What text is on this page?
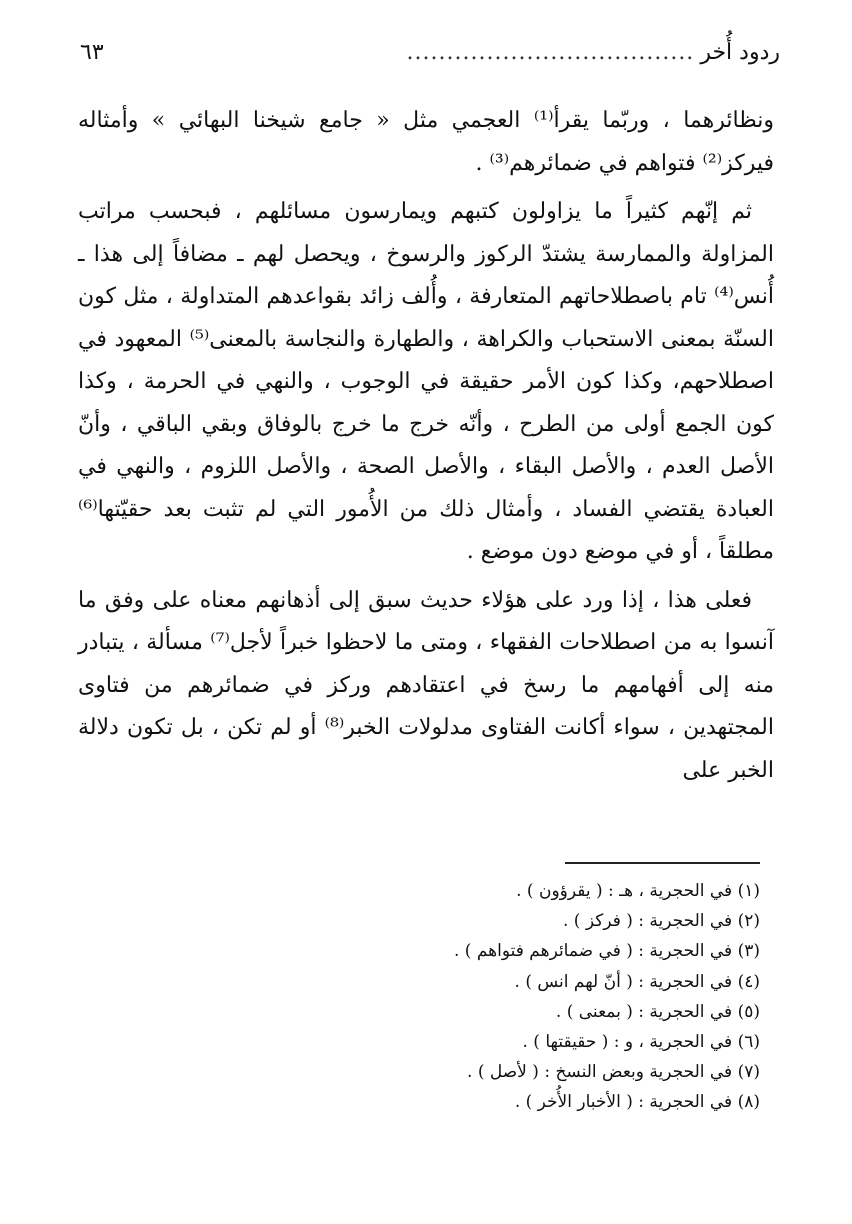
ردود أُخر
....................................
٦٣

ونظائرهما ، وربّما يقرأ⁽¹⁾ العجمي مثل « جامع شيخنا البهائي » وأمثاله فيركز⁽²⁾ فتواهم في ضمائرهم⁽³⁾ .

ثم إنّهم كثيراً ما يزاولون كتبهم ويمارسون مسائلهم ، فبحسب مراتب المزاولة والممارسة يشتدّ الركوز والرسوخ ، ويحصل لهم ـ مضافاً إلى هذا ـ أُنس⁽⁴⁾ تام باصطلاحاتهم المتعارفة ، وأُلف زائد بقواعدهم المتداولة ، مثل كون السنّة بمعنى الاستحباب والكراهة ، والطهارة والنجاسة بالمعنى⁽⁵⁾ المعهود في اصطلاحهم، وكذا كون الأمر حقيقة في الوجوب ، والنهي في الحرمة ، وكذا كون الجمع أولى من الطرح ، وأنّه خرج ما خرج بالوفاق وبقي الباقي ، وأنّ الأصل العدم ، والأصل البقاء ، والأصل الصحة ، والأصل اللزوم ، والنهي في العبادة يقتضي الفساد ، وأمثال ذلك من الأُمور التي لم تثبت بعد حقيّتها⁽⁶⁾ مطلقاً ، أو في موضع دون موضع .

فعلى هذا ، إذا ورد على هؤلاء حديث سبق إلى أذهانهم معناه على وفق ما آنسوا به من اصطلاحات الفقهاء ، ومتى ما لاحظوا خبراً لأجل⁽⁷⁾ مسألة ، يتبادر منه إلى أفهامهم ما رسخ في اعتقادهم وركز في ضمائرهم من فتاوى المجتهدين ، سواء أكانت الفتاوى مدلولات الخبر⁽⁸⁾ أو لم تكن ، بل تكون دلالة الخبر على

(١) في الحجرية ، هـ : ( يقرؤون ) .
(٢) في الحجرية : ( فركز ) .
(٣) في الحجرية : ( في ضمائرهم فتواهم ) .
(٤) في الحجرية : ( أنّ لهم انس ) .
(٥) في الحجرية : ( بمعنى ) .
(٦) في الحجرية ، و : ( حقيقتها ) .
(٧) في الحجرية وبعض النسخ : ( لأصل ) .
(٨) في الحجرية : ( الأخبار الأُخر ) .
